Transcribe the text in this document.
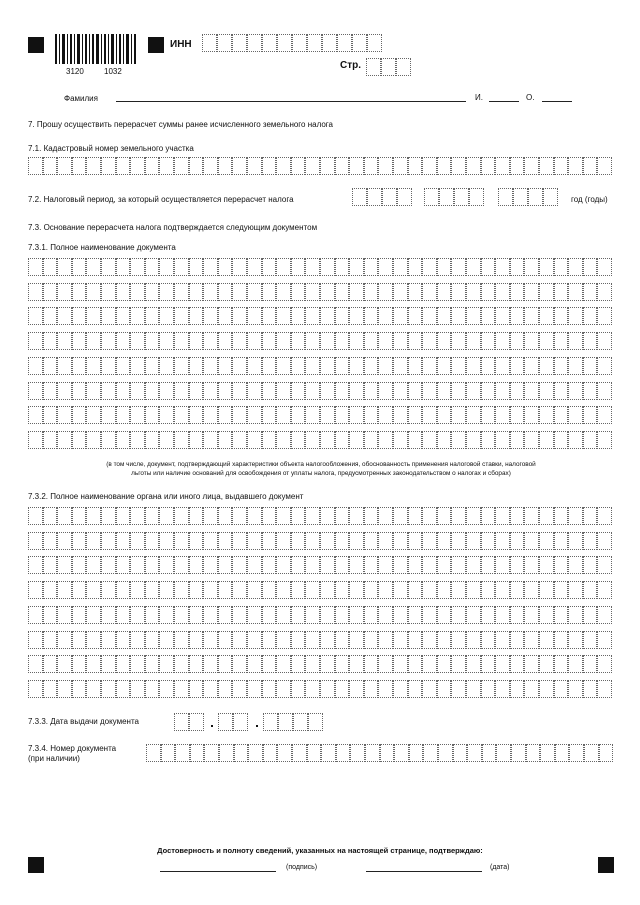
3120	1032
ИНН
Стр.
Фамилия	И.	О.
7. Прошу осуществить перерасчет суммы ранее исчисленного земельного налога
7.1. Кадастровый номер земельного участка
7.2. Налоговый период, за который осуществляется перерасчет налога	год (годы)
7.3. Основание перерасчета налога подтверждается следующим документом
7.3.1. Полное наименование документа
(в том числе, документ, подтверждающий характеристики объекта налогообложения, обоснованность применения налоговой ставки, налоговой
льготы или наличие оснований для освобождения от уплаты налога, предусмотренных законодательством о налогах и сборах)
7.3.2. Полное наименование органа или иного лица, выдавшего документ
7.3.3. Дата выдачи документа
7.3.4. Номер документа
(при наличии)
Достоверность и полноту сведений, указанных на настоящей странице, подтверждаю:
(подпись)	(дата)
